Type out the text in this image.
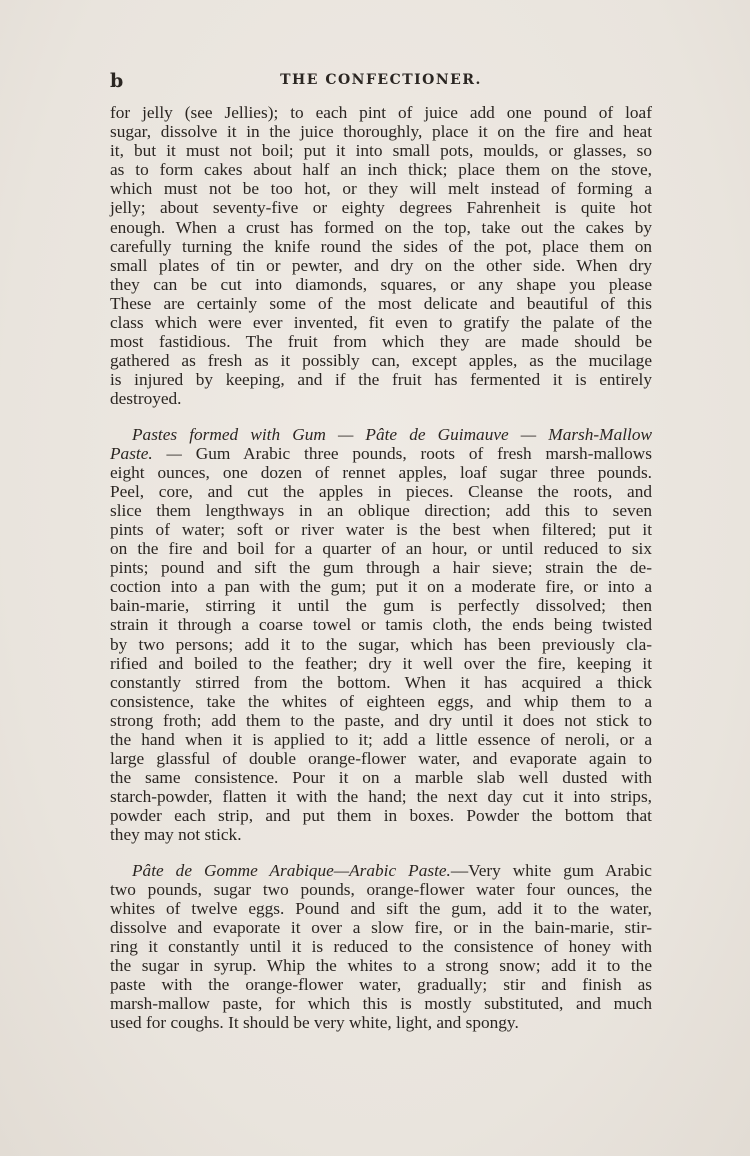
b	THE CONFECTIONER.
for jelly (see Jellies); to each pint of juice add one pound of loaf
sugar, dissolve it in the juice thoroughly, place it on the fire and heat
it, but it must not boil; put it into small pots, moulds, or glasses, so
as to form cakes about half an inch thick; place them on the stove,
which must not be too hot, or they will melt instead of forming a
jelly; about seventy-five or eighty degrees Fahrenheit is quite hot
enough. When a crust has formed on the top, take out the cakes by
carefully turning the knife round the sides of the pot, place them on
small plates of tin or pewter, and dry on the other side. When dry
they can be cut into diamonds, squares, or any shape you please
These are certainly some of the most delicate and beautiful of this
class which were ever invented, fit even to gratify the palate of the
most fastidious. The fruit from which they are made should be
gathered as fresh as it possibly can, except apples, as the mucilage
is injured by keeping, and if the fruit has fermented it is entirely
destroyed.
Pastes formed with Gum — Pâte de Guimauve — Marsh-Mallow
Paste. — Gum Arabic three pounds, roots of fresh marsh-mallows
eight ounces, one dozen of rennet apples, loaf sugar three pounds.
Peel, core, and cut the apples in pieces. Cleanse the roots, and
slice them lengthways in an oblique direction; add this to seven
pints of water; soft or river water is the best when filtered; put it
on the fire and boil for a quarter of an hour, or until reduced to six
pints; pound and sift the gum through a hair sieve; strain the de-
coction into a pan with the gum; put it on a moderate fire, or into a
bain-marie, stirring it until the gum is perfectly dissolved; then
strain it through a coarse towel or tamis cloth, the ends being twisted
by two persons; add it to the sugar, which has been previously cla-
rified and boiled to the feather; dry it well over the fire, keeping it
constantly stirred from the bottom. When it has acquired a thick
consistence, take the whites of eighteen eggs, and whip them to a
strong froth; add them to the paste, and dry until it does not stick to
the hand when it is applied to it; add a little essence of neroli, or a
large glassful of double orange-flower water, and evaporate again to
the same consistence. Pour it on a marble slab well dusted with
starch-powder, flatten it with the hand; the next day cut it into strips,
powder each strip, and put them in boxes. Powder the bottom that
they may not stick.
Pâte de Gomme Arabique—Arabic Paste.—Very white gum Arabic
two pounds, sugar two pounds, orange-flower water four ounces, the
whites of twelve eggs. Pound and sift the gum, add it to the water,
dissolve and evaporate it over a slow fire, or in the bain-marie, stir-
ring it constantly until it is reduced to the consistence of honey with
the sugar in syrup. Whip the whites to a strong snow; add it to the
paste with the orange-flower water, gradually; stir and finish as
marsh-mallow paste, for which this is mostly substituted, and much
used for coughs. It should be very white, light, and spongy.
